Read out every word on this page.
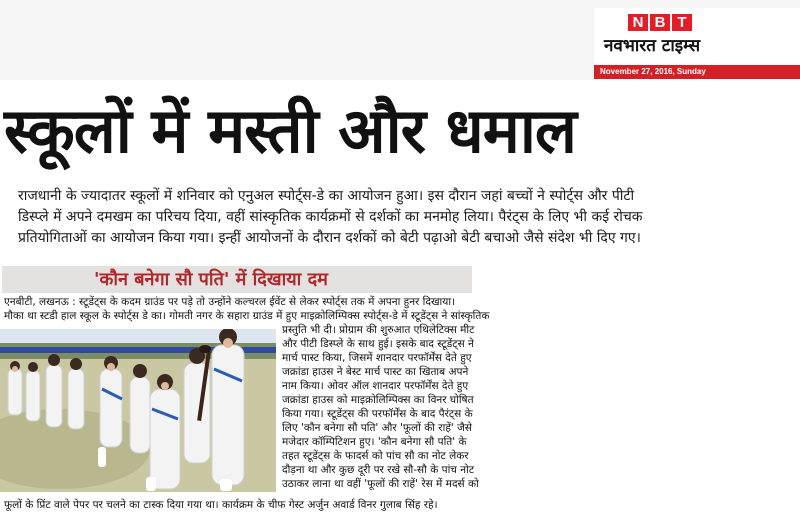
N B T
नवभारत टाइम्स
November 27, 2016, Sunday
स्कूलों में मस्ती और धमाल
राजधानी के ज्यादातर स्कूलों में शनिवार को एनुअल स्पोर्ट्स-डे का आयोजन हुआ। इस दौरान जहां बच्चों ने स्पोर्ट्स और पीटी
डिस्प्ले में अपने दमखम का परिचय दिया, वहीं सांस्कृतिक कार्यक्रमों से दर्शकों का मनमोह लिया। पैरंट्स के लिए भी कई रोचक
प्रतियोगिताओं का आयोजन किया गया। इन्हीं आयोजनों के दौरान दर्शकों को बेटी पढ़ाओ बेटी बचाओ जैसे संदेश भी दिए गए।
'कौन बनेगा सौ पति' में दिखाया दम
एनबीटी, लखनऊ : स्टूडेंट्स के कदम ग्राउंड पर पड़े तो उन्होंने कल्चरल ईवेंट से लेकर स्पोर्ट्स तक में अपना हुनर दिखाया।
मौका था स्टडी हाल स्कूल के स्पोर्ट्स डे का। गोमती नगर के सहारा ग्राउंड में हुए माइक्रोलिम्पिक्स स्पोर्ट्स-डे में स्टूडेंट्स ने सांस्कृतिक
प्रस्तुति भी दी। प्रोग्राम की शुरुआत एथिलेटिक्स मीट
और पीटी डिस्प्ले के साथ हुई। इसके बाद स्टूडेंट्स ने
मार्च पास्ट किया, जिसमें शानदार परफॉर्मेंस देते हुए
जक्रांडा हाउस ने बेस्ट मार्च पास्ट का खिताब अपने
नाम किया। ओवर ऑल शानदार परफॉर्मेंस देते हुए
जक्रांडा हाउस को माइक्रोलिम्पिक्स का विनर घोषित
किया गया। स्टूडेंट्स की परफॉर्मेंस के बाद पैरंट्स के
लिए 'कौन बनेगा सौ पति' और 'फूलों की राहें' जैसे
मजेदार कॉम्पिटिशन हुए। 'कौन बनेगा सौ पति' के
तहत स्टूडेंट्स के फादर्स को पांच सौ का नोट लेकर
दौड़ना था और कुछ दूरी पर रखे सौ-सौ के पांच नोट
उठाकर लाना था वहीं 'फूलों की राहें' रेस में मदर्स को
फूलों के प्रिंट वाले पेपर पर चलने का टास्क दिया गया था। कार्यक्रम के चीफ गेस्ट अर्जुन अवार्ड विनर गुलाब सिंह रहे।
